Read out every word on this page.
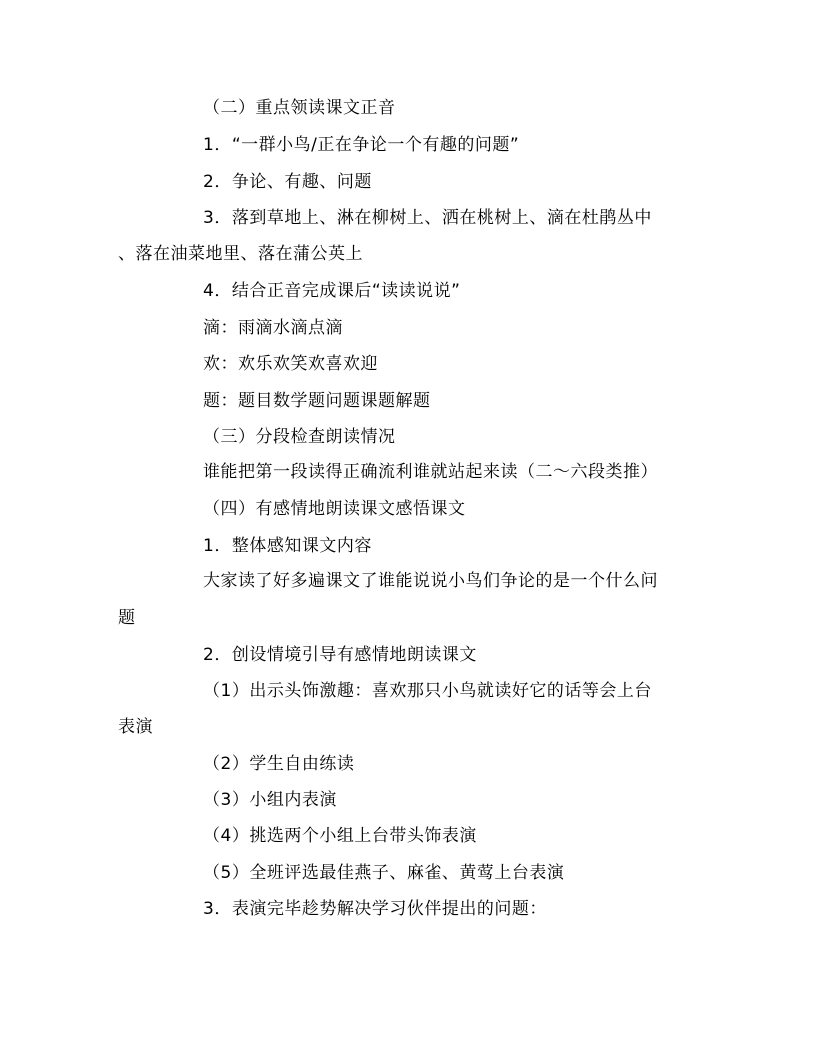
（二）重点领读课文正音
1．“一群小鸟/正在争论一个有趣的问题”
2．争论、有趣、问题
3．落到草地上、淋在柳树上、洒在桃树上、滴在杜鹃丛中
、落在油菜地里、落在蒲公英上
4．结合正音完成课后“读读说说”
滴：雨滴水滴点滴
欢：欢乐欢笑欢喜欢迎
题：题目数学题问题课题解题
（三）分段检查朗读情况
谁能把第一段读得正确流利谁就站起来读（二～六段类推）
（四）有感情地朗读课文感悟课文
1．整体感知课文内容
大家读了好多遍课文了谁能说说小鸟们争论的是一个什么问
题
2．创设情境引导有感情地朗读课文
（1）出示头饰激趣：喜欢那只小鸟就读好它的话等会上台
表演
（2）学生自由练读
（3）小组内表演
（4）挑选两个小组上台带头饰表演
（5）全班评选最佳燕子、麻雀、黄莺上台表演
3．表演完毕趁势解决学习伙伴提出的问题：
